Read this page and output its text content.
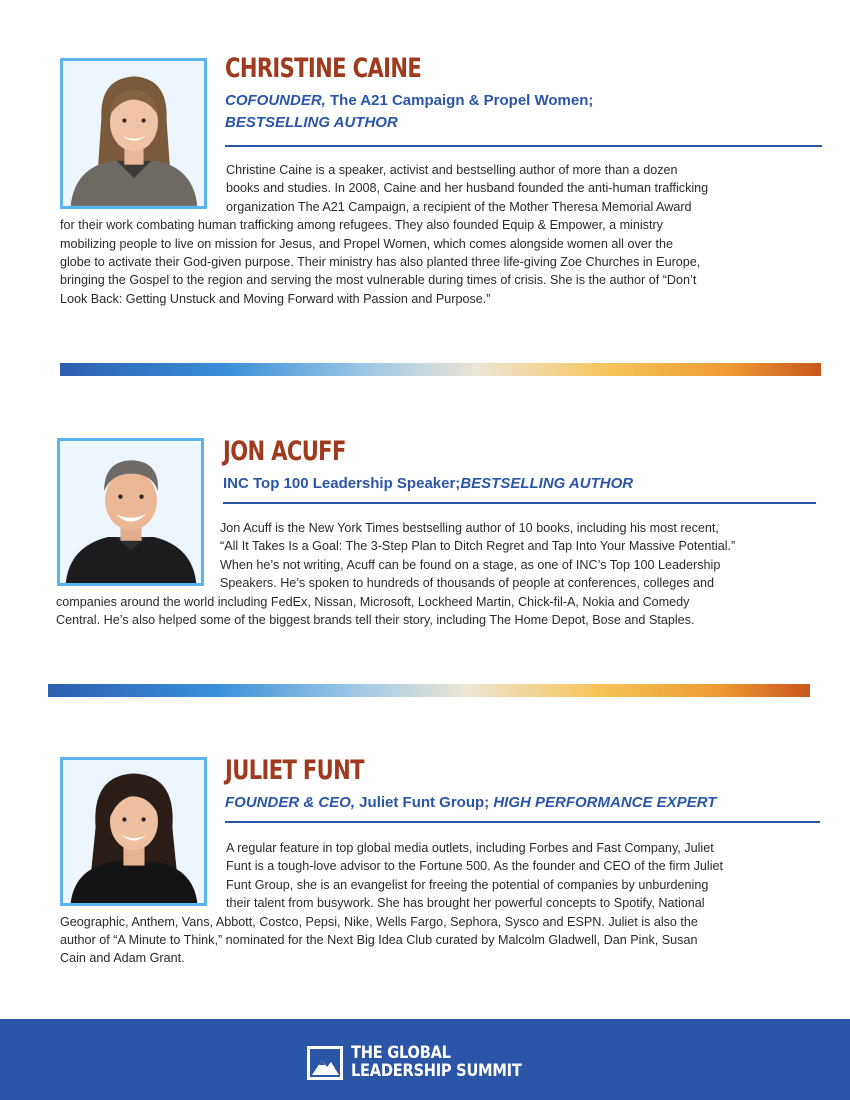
CHRISTINE CAINE
COFOUNDER, The A21 Campaign & Propel Women;
BESTSELLING AUTHOR
Christine Caine is a speaker, activist and bestselling author of more than a dozen
books and studies. In 2008, Caine and her husband founded the anti-human trafficking
organization The A21 Campaign, a recipient of the Mother Theresa Memorial Award
for their work combating human trafficking among refugees. They also founded Equip & Empower, a ministry
mobilizing people to live on mission for Jesus, and Propel Women, which comes alongside women all over the
globe to activate their God-given purpose. Their ministry has also planted three life-giving Zoe Churches in Europe,
bringing the Gospel to the region and serving the most vulnerable during times of crisis. She is the author of “Don’t
Look Back: Getting Unstuck and Moving Forward with Passion and Purpose.”
JON ACUFF
INC Top 100 Leadership Speaker;BESTSELLING AUTHOR
Jon Acuff is the New York Times bestselling author of 10 books, including his most recent,
“All It Takes Is a Goal: The 3-Step Plan to Ditch Regret and Tap Into Your Massive Potential.”
When he’s not writing, Acuff can be found on a stage, as one of INC’s Top 100 Leadership
Speakers. He’s spoken to hundreds of thousands of people at conferences, colleges and
companies around the world including FedEx, Nissan, Microsoft, Lockheed Martin, Chick-fil-A, Nokia and Comedy
Central. He’s also helped some of the biggest brands tell their story, including The Home Depot, Bose and Staples.
JULIET FUNT
FOUNDER & CEO, Juliet Funt Group; HIGH PERFORMANCE EXPERT
A regular feature in top global media outlets, including Forbes and Fast Company, Juliet
Funt is a tough-love advisor to the Fortune 500. As the founder and CEO of the firm Juliet
Funt Group, she is an evangelist for freeing the potential of companies by unburdening
their talent from busywork. She has brought her powerful concepts to Spotify, National
Geographic, Anthem, Vans, Abbott, Costco, Pepsi, Nike, Wells Fargo, Sephora, Sysco and ESPN. Juliet is also the
author of “A Minute to Think,” nominated for the Next Big Idea Club curated by Malcolm Gladwell, Dan Pink, Susan
Cain and Adam Grant.
THE GLOBAL
LEADERSHIP SUMMIT
